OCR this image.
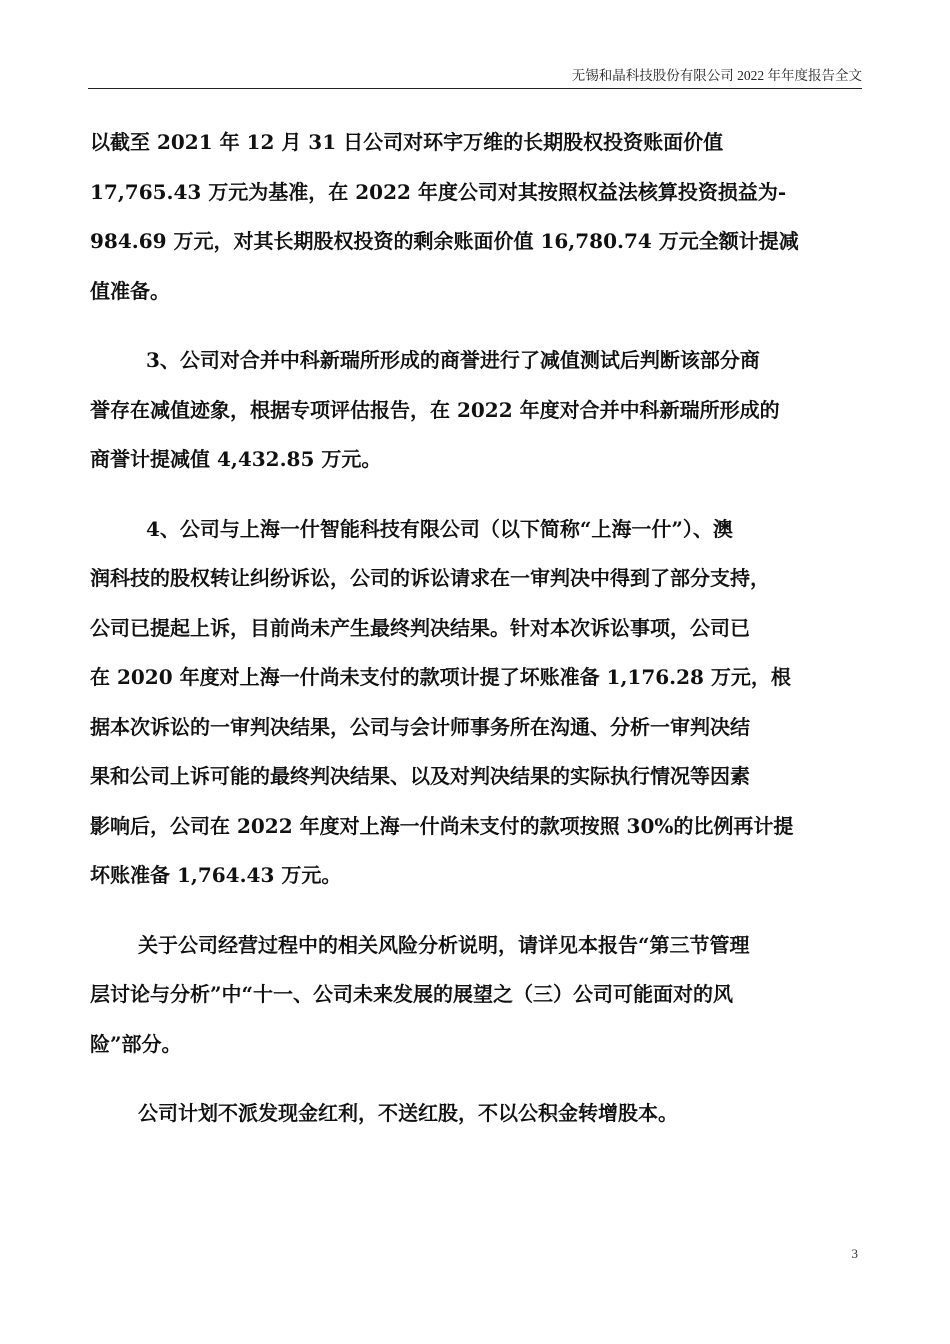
无锡和晶科技股份有限公司 2022 年年度报告全文
以截至 2021 年 12 月 31 日公司对环宇万维的长期股权投资账面价值
17,765.43 万元为基准，在 2022 年度公司对其按照权益法核算投资损益为-
984.69 万元，对其长期股权投资的剩余账面价值 16,780.74 万元全额计提减
值准备。
3、公司对合并中科新瑞所形成的商誉进行了减值测试后判断该部分商
誉存在减值迹象，根据专项评估报告，在 2022 年度对合并中科新瑞所形成的
商誉计提减值 4,432.85 万元。
4、公司与上海一什智能科技有限公司（以下简称“上海一什”）、澳
润科技的股权转让纠纷诉讼，公司的诉讼请求在一审判决中得到了部分支持，
公司已提起上诉，目前尚未产生最终判决结果。针对本次诉讼事项，公司已
在 2020 年度对上海一什尚未支付的款项计提了坏账准备 1,176.28 万元，根
据本次诉讼的一审判决结果，公司与会计师事务所在沟通、分析一审判决结
果和公司上诉可能的最终判决结果、以及对判决结果的实际执行情况等因素
影响后，公司在 2022 年度对上海一什尚未支付的款项按照 30%的比例再计提
坏账准备 1,764.43 万元。
关于公司经营过程中的相关风险分析说明，请详见本报告“第三节管理
层讨论与分析”中“十一、公司未来发展的展望之（三）公司可能面对的风
险”部分。
公司计划不派发现金红利，不送红股，不以公积金转增股本。
3
